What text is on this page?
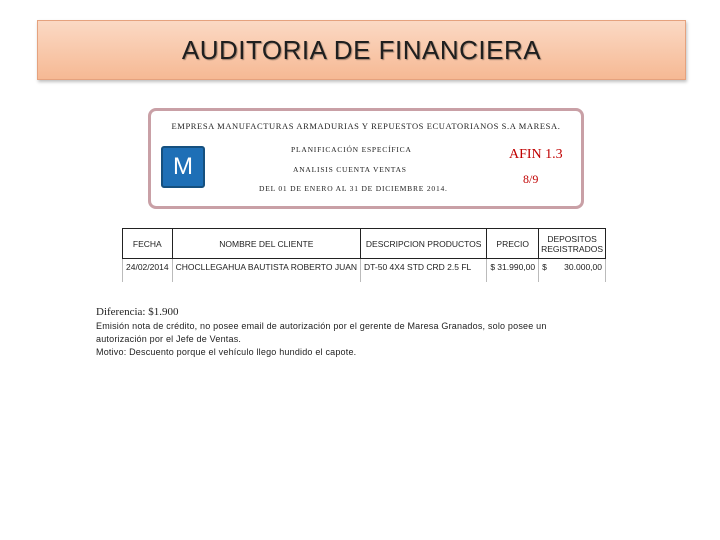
AUDITORIA DE FINANCIERA
EMPRESA MANUFACTURAS ARMADURIAS Y REPUESTOS ECUATORIANOS S.A MARESA.
M
PLANIFICACIÓN ESPECÍFICA
ANALISIS CUENTA VENTAS
DEL 01 DE ENERO AL 31 DE DICIEMBRE 2014.
AFIN 1.3
8/9
FECHA	NOMBRE DEL CLIENTE	DESCRIPCION PRODUCTOS	PRECIO	DEPOSITOS REGISTRADOS
24/02/2014	CHOCLLEGAHUA BAUTISTA ROBERTO JUAN	DT-50 4X4 STD CRD 2.5 FL	$ 31.990,00	$ 30.000,00
Diferencia: $1.900
Emisión nota de crédito, no posee email de autorización por el gerente de Maresa Granados, solo posee un
autorización por el Jefe de Ventas.
Motivo: Descuento porque el vehículo llego hundido el capote.
